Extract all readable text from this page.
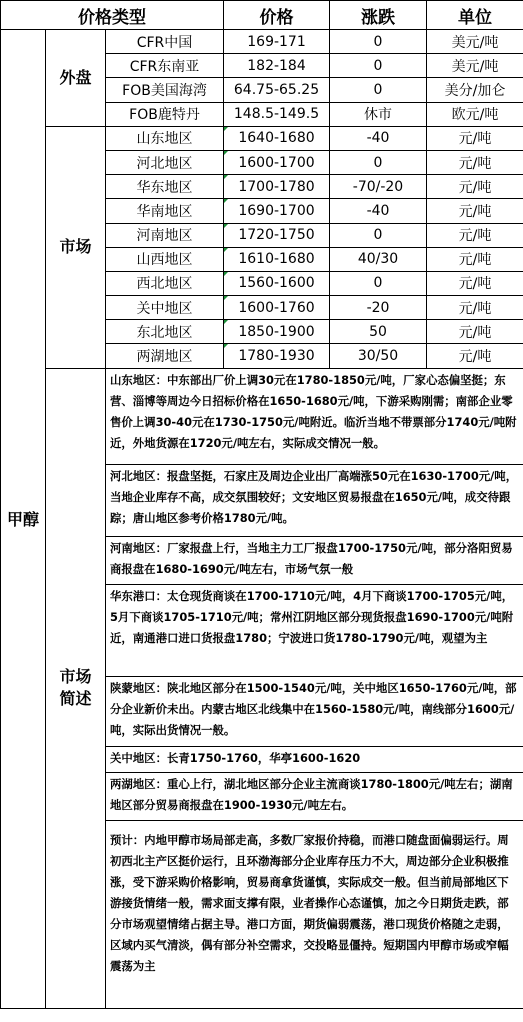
价格类型			价格	涨跌	单位
甲醇	外盘	CFR中国	169-171	0	美元/吨
		CFR东南亚	182-184	0	美元/吨
		FOB美国海湾	64.75-65.25	0	美分/加仑
		FOB鹿特丹	148.5-149.5	休市	欧元/吨
	市场	山东地区	1640-1680	-40	元/吨
		河北地区	1600-1700	0	元/吨
		华东地区	1700-1780	-70/-20	元/吨
		华南地区	1690-1700	-40	元/吨
		河南地区	1720-1750	0	元/吨
		山西地区	1610-1680	40/30	元/吨
		西北地区	1560-1600	0	元/吨
		关中地区	1600-1760	-20	元/吨
		东北地区	1850-1900	50	元/吨
		两湖地区	1780-1930	30/50	元/吨
	市场
简述	山东地区：中东部出厂价上调30元在1780-1850元/吨，厂家心态偏坚挺；东营、淄博等周边今日招标价格在1650-1680元/吨，下游采购刚需；南部企业零售价上调30-40元在1730-1750元/吨附近。临沂当地不带票部分1740元/吨附近，外地货源在1720元/吨左右，实际成交情况一般。			
		河北地区：报盘坚挺，石家庄及周边企业出厂高端涨50元在1630-1700元/吨，当地企业库存不高，成交氛围较好；文安地区贸易报盘在1650元/吨，成交待跟踪；唐山地区参考价格1780元/吨。			
		河南地区：厂家报盘上行，当地主力工厂报盘1700-1750元/吨，部分洛阳贸易商报盘在1680-1690元/吨左右，市场气氛一般			
		华东港口：太仓现货商谈在1700-1710元/吨，4月下商谈1700-1705元/吨，5月下商谈1705-1710元/吨；常州江阴地区部分现货报盘1690-1700元/吨附近，南通港口进口货报盘1780；宁波进口货1780-1790元/吨，观望为主			
		陕蒙地区：陕北地区部分在1500-1540元/吨，关中地区1650-1760元/吨，部分企业新价未出。内蒙古地区北线集中在1560-1580元/吨，南线部分1600元/吨，实际出货情况一般。			
		关中地区：长青1750-1760，华亭1600-1620			
		两湖地区：重心上行，湖北地区部分企业主流商谈1780-1800元/吨左右；湖南地区部分贸易商报盘在1900-1930元/吨左右。			
		预计：内地甲醇市场局部走高，多数厂家报价持稳，而港口随盘面偏弱运行。周初西北主产区挺价运行，且环渤海部分企业库存压力不大，周边部分企业积极推涨，受下游采购价格影响，贸易商拿货谨慎，实际成交一般。但当前局部地区下游接货情绪一般，需求面支撑有限，业者操作心态谨慎，加之今日期货走跌，部分市场观望情绪占据主导。港口方面，期货偏弱震荡，港口现货价格随之走弱，区域内买气清淡，偶有部分补空需求，交投略显僵持。短期国内甲醇市场或窄幅震荡为主			
